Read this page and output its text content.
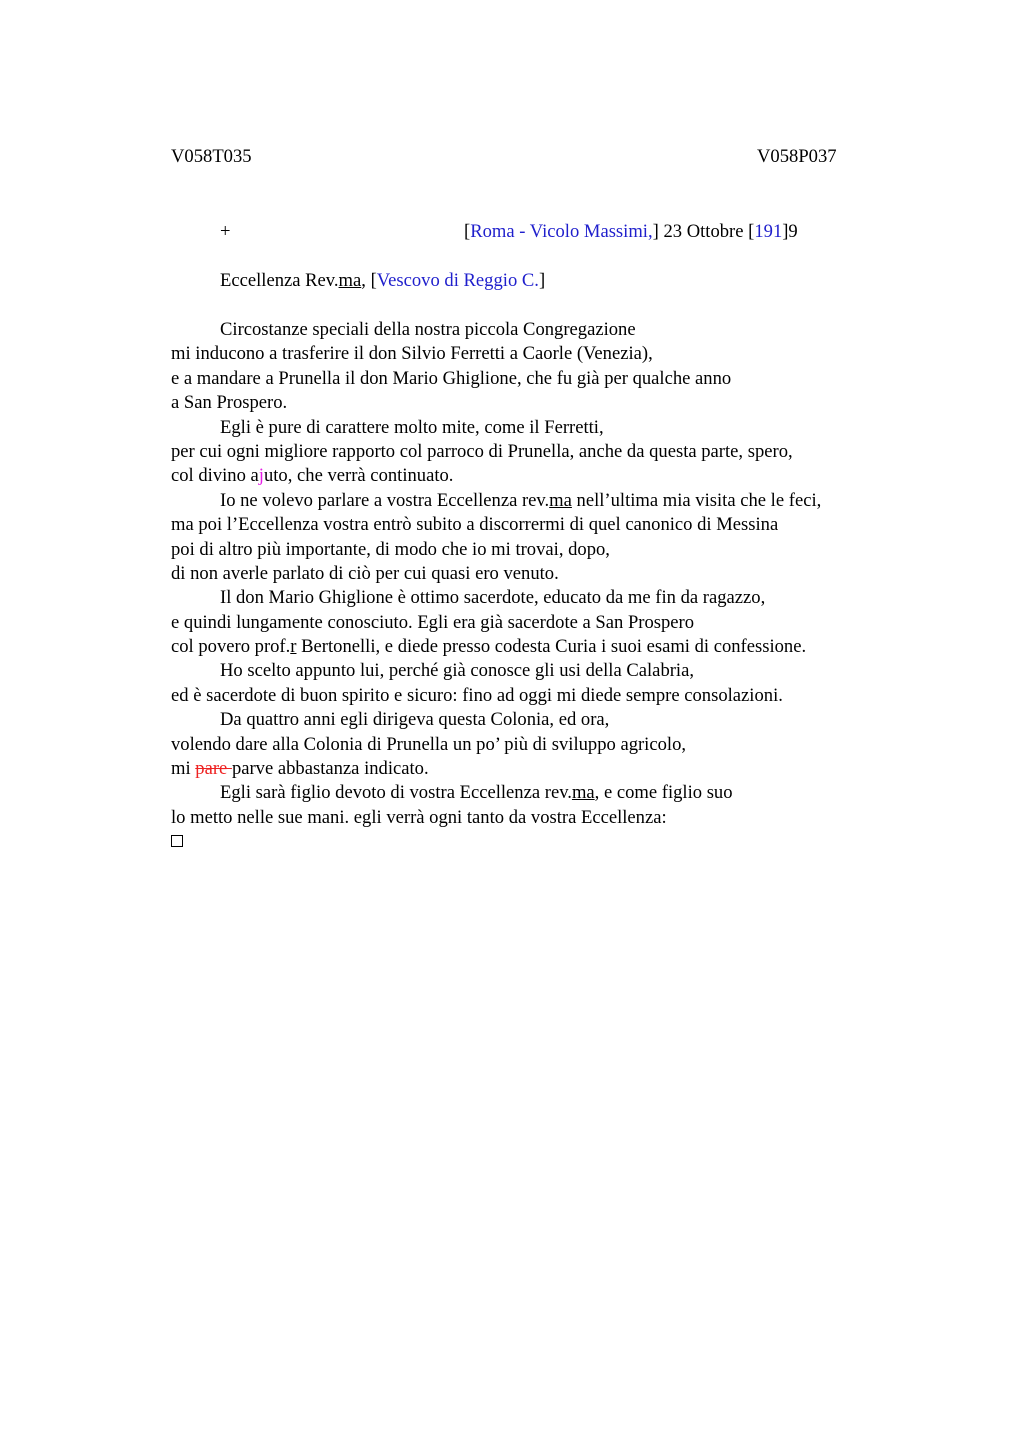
V058T035	V058P037
+	[Roma - Vicolo Massimi,] 23 Ottobre [191]9
Eccellenza Rev.ma, [Vescovo di Reggio C.]
Circostanze speciali della nostra piccola Congregazione
mi inducono a trasferire il don Silvio Ferretti a Caorle (Venezia),
e a mandare a Prunella il don Mario Ghiglione, che fu già per qualche anno
a San Prospero.
Egli è pure di carattere molto mite, come il Ferretti,
per cui ogni migliore rapporto col parroco di Prunella, anche da questa parte, spero,
col divino ajuto, che verrà continuato.
Io ne volevo parlare a vostra Eccellenza rev.ma nell’ultima mia visita che le feci,
ma poi l’Eccellenza vostra entrò subito a discorrermi di quel canonico di Messina
poi di altro più importante, di modo che io mi trovai, dopo,
di non averle parlato di ciò per cui quasi ero venuto.
Il don Mario Ghiglione è ottimo sacerdote, educato da me fin da ragazzo,
e quindi lungamente conosciuto. Egli era già sacerdote a San Prospero
col povero prof.r Bertonelli, e diede presso codesta Curia i suoi esami di confessione.
Ho scelto appunto lui, perché già conosce gli usi della Calabria,
ed è sacerdote di buon spirito e sicuro: fino ad oggi mi diede sempre consolazioni.
Da quattro anni egli dirigeva questa Colonia, ed ora,
volendo dare alla Colonia di Prunella un po’ più di sviluppo agricolo,
mi pare parve abbastanza indicato.
Egli sarà figlio devoto di vostra Eccellenza rev.ma, e come figlio suo
lo metto nelle sue mani. egli verrà ogni tanto da vostra Eccellenza:
